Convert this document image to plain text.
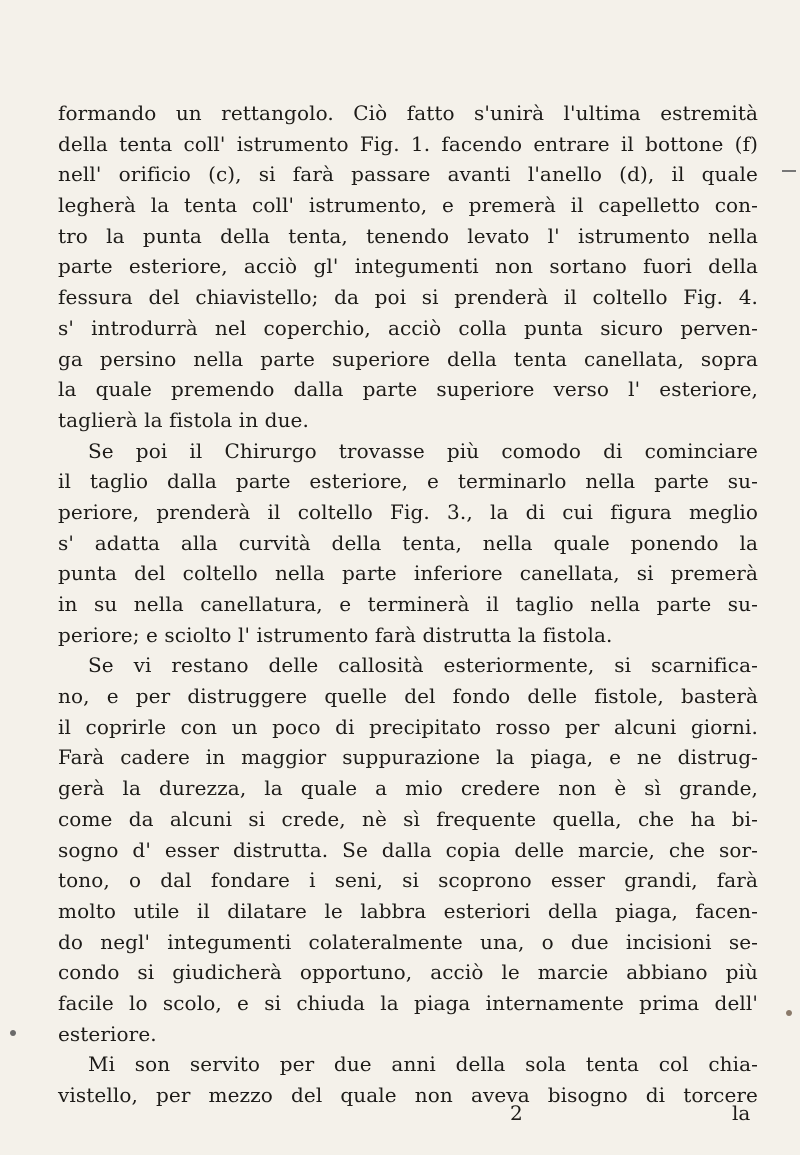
formando un rettangolo. Ciò fatto s'unirà l'ultima estremità
della tenta coll' istrumento Fig. 1. facendo entrare il bottone (f)
nell' orificio (c), si farà passare avanti l'anello (d), il quale
legherà la tenta coll' istrumento, e premerà il capelletto con-
tro la punta della tenta, tenendo levato l' istrumento nella
parte esteriore, acciò gl' integumenti non sortano fuori della
fessura del chiavistello; da poi si prenderà il coltello Fig. 4.
s' introdurrà nel coperchio, acciò colla punta sicuro perven-
ga persino nella parte superiore della tenta canellata, sopra
la quale premendo dalla parte superiore verso l' esteriore,
taglierà la fistola in due.
Se poi il Chirurgo trovasse più comodo di cominciare
il taglio dalla parte esteriore, e terminarlo nella parte su-
periore, prenderà il coltello Fig. 3., la di cui figura meglio
s' adatta alla curvità della tenta, nella quale ponendo la
punta del coltello nella parte inferiore canellata, si premerà
in su nella canellatura, e terminerà il taglio nella parte su-
periore; e sciolto l' istrumento farà distrutta la fistola.
Se vi restano delle callosità esteriormente, si scarnifica-
no, e per distruggere quelle del fondo delle fistole, basterà
il coprirle con un poco di precipitato rosso per alcuni giorni.
Farà cadere in maggior suppurazione la piaga, e ne distrug-
gerà la durezza, la quale a mio credere non è sì grande,
come da alcuni si crede, nè sì frequente quella, che ha bi-
sogno d' esser distrutta. Se dalla copia delle marcie, che sor-
tono, o dal fondare i seni, si scoprono esser grandi, farà
molto utile il dilatare le labbra esteriori della piaga, facen-
do negl' integumenti colateralmente una, o due incisioni se-
condo si giudicherà opportuno, acciò le marcie abbiano più
facile lo scolo, e si chiuda la piaga internamente prima dell'
esteriore.
Mi son servito per due anni della sola tenta col chia-
vistello, per mezzo del quale non aveva bisogno di torcere
2	la
